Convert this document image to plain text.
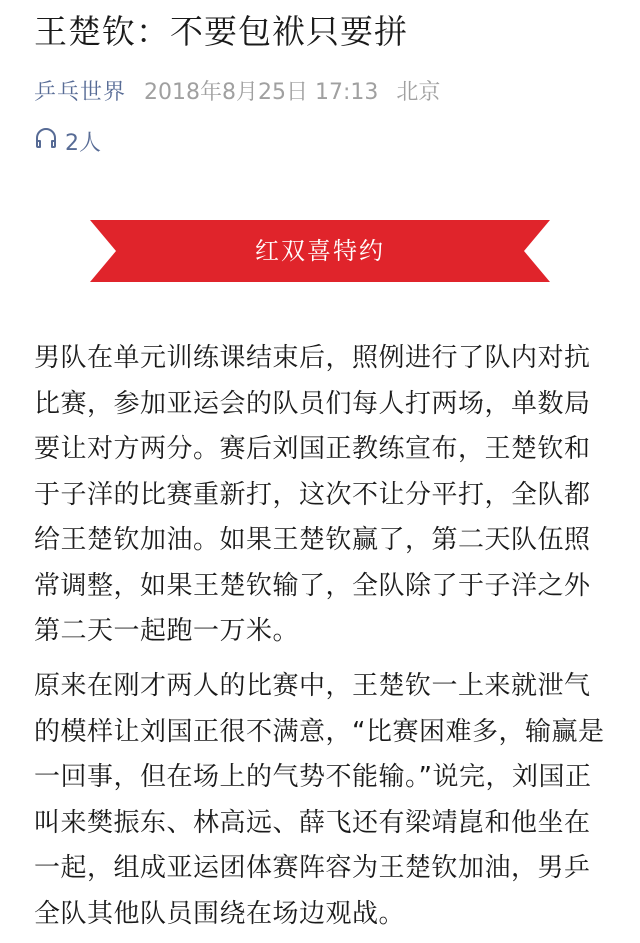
王楚钦：不要包袱只要拼
乒乓世界 2018年8月25日 17:13 北京
2人
红双喜特约
男队在单元训练课结束后，照例进行了队内对抗
比赛，参加亚运会的队员们每人打两场，单数局
要让对方两分。赛后刘国正教练宣布，王楚钦和
于子洋的比赛重新打，这次不让分平打，全队都
给王楚钦加油。如果王楚钦赢了，第二天队伍照
常调整，如果王楚钦输了，全队除了于子洋之外
第二天一起跑一万米。
原来在刚才两人的比赛中，王楚钦一上来就泄气
的模样让刘国正很不满意，“比赛困难多，输赢是
一回事，但在场上的气势不能输。”说完，刘国正
叫来樊振东、林高远、薛飞还有梁靖崑和他坐在
一起，组成亚运团体赛阵容为王楚钦加油，男乒
全队其他队员围绕在场边观战。
